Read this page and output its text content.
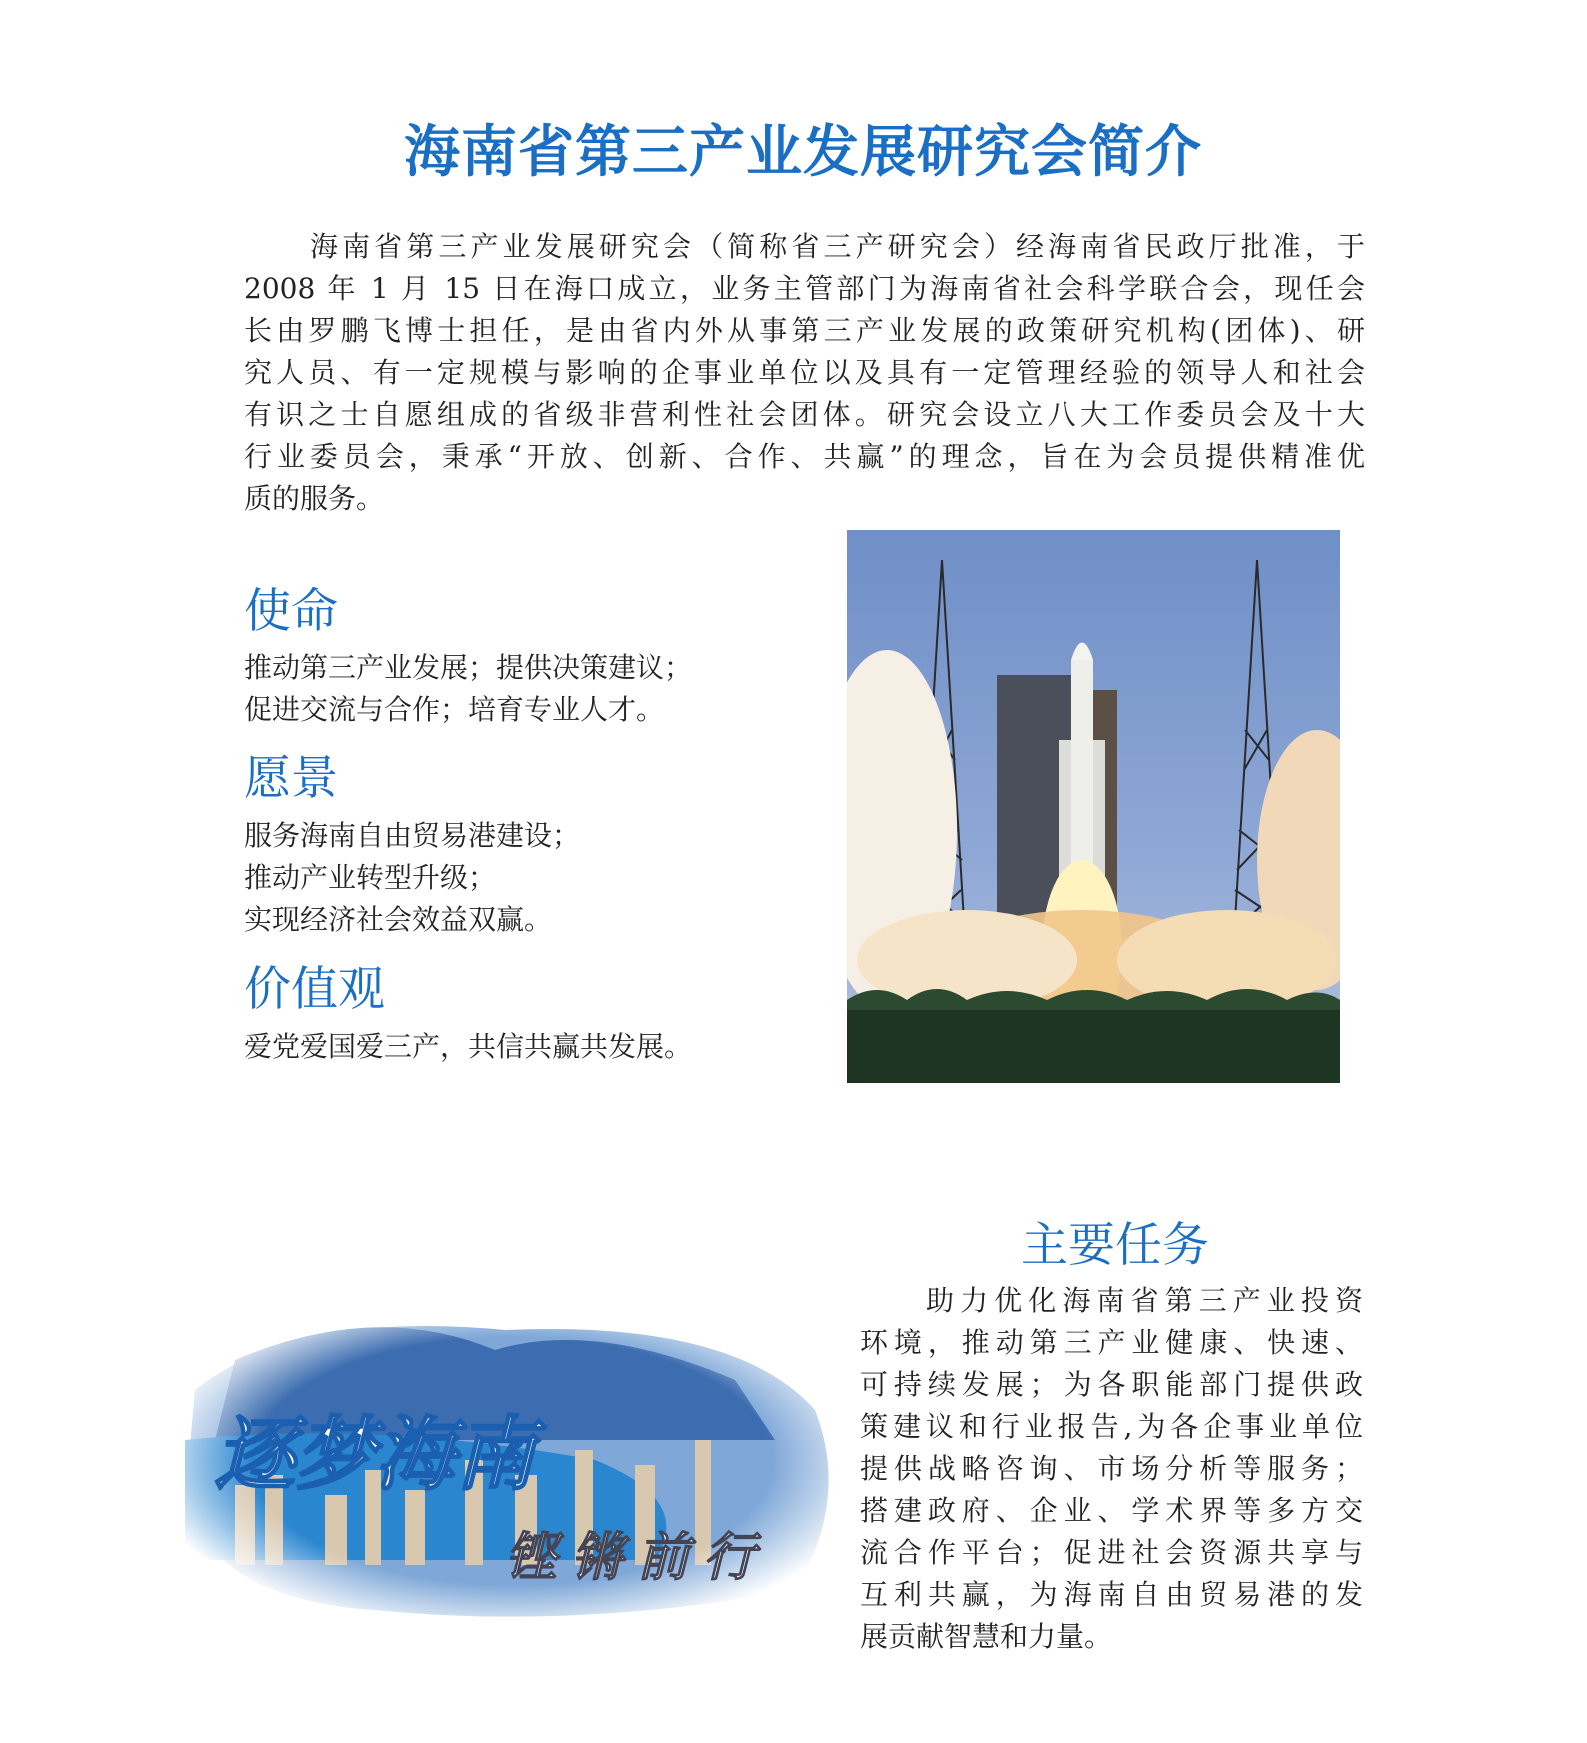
海南省第三产业发展研究会简介
海南省第三产业发展研究会（简称省三产研究会）经海南省民政厅批准，于
2008 年 1 月 15 日在海口成立，业务主管部门为海南省社会科学联合会，现任会
长由罗鹏飞博士担任，是由省内外从事第三产业发展的政策研究机构(团体)、研
究人员、有一定规模与影响的企事业单位以及具有一定管理经验的领导人和社会
有识之士自愿组成的省级非营利性社会团体。研究会设立八大工作委员会及十大
行业委员会，秉承“开放、创新、合作、共赢”的理念，旨在为会员提供精准优
质的服务。
使命
推动第三产业发展；提供决策建议；
促进交流与合作；培育专业人才。
愿景
服务海南自由贸易港建设；
推动产业转型升级；
实现经济社会效益双赢。
价值观
爱党爱国爱三产，共信共赢共发展。
逐梦海南
铿锵前行
主要任务
助力优化海南省第三产业投资
环境，推动第三产业健康、快速、
可持续发展；为各职能部门提供政
策建议和行业报告,为各企事业单位
提供战略咨询、市场分析等服务；
搭建政府、企业、学术界等多方交
流合作平台；促进社会资源共享与
互利共赢，为海南自由贸易港的发
展贡献智慧和力量。
